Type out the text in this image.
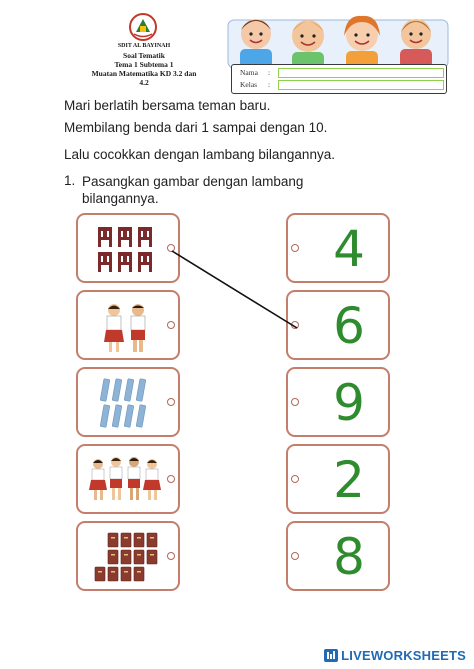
SDIT AL BAYINAH
Soal Tematik
Tema 1 Subtema 1
Muatan Matematika KD 3.2 dan 4.2
Nama :
Kelas :
Mari berlatih bersama teman baru.
Membilang benda dari 1 sampai dengan 10.
Lalu cocokkan dengan lambang bilangannya.
1. Pasangkan gambar dengan lambang bilangannya.
4
6
9
2
8
LIVEWORKSHEETS
